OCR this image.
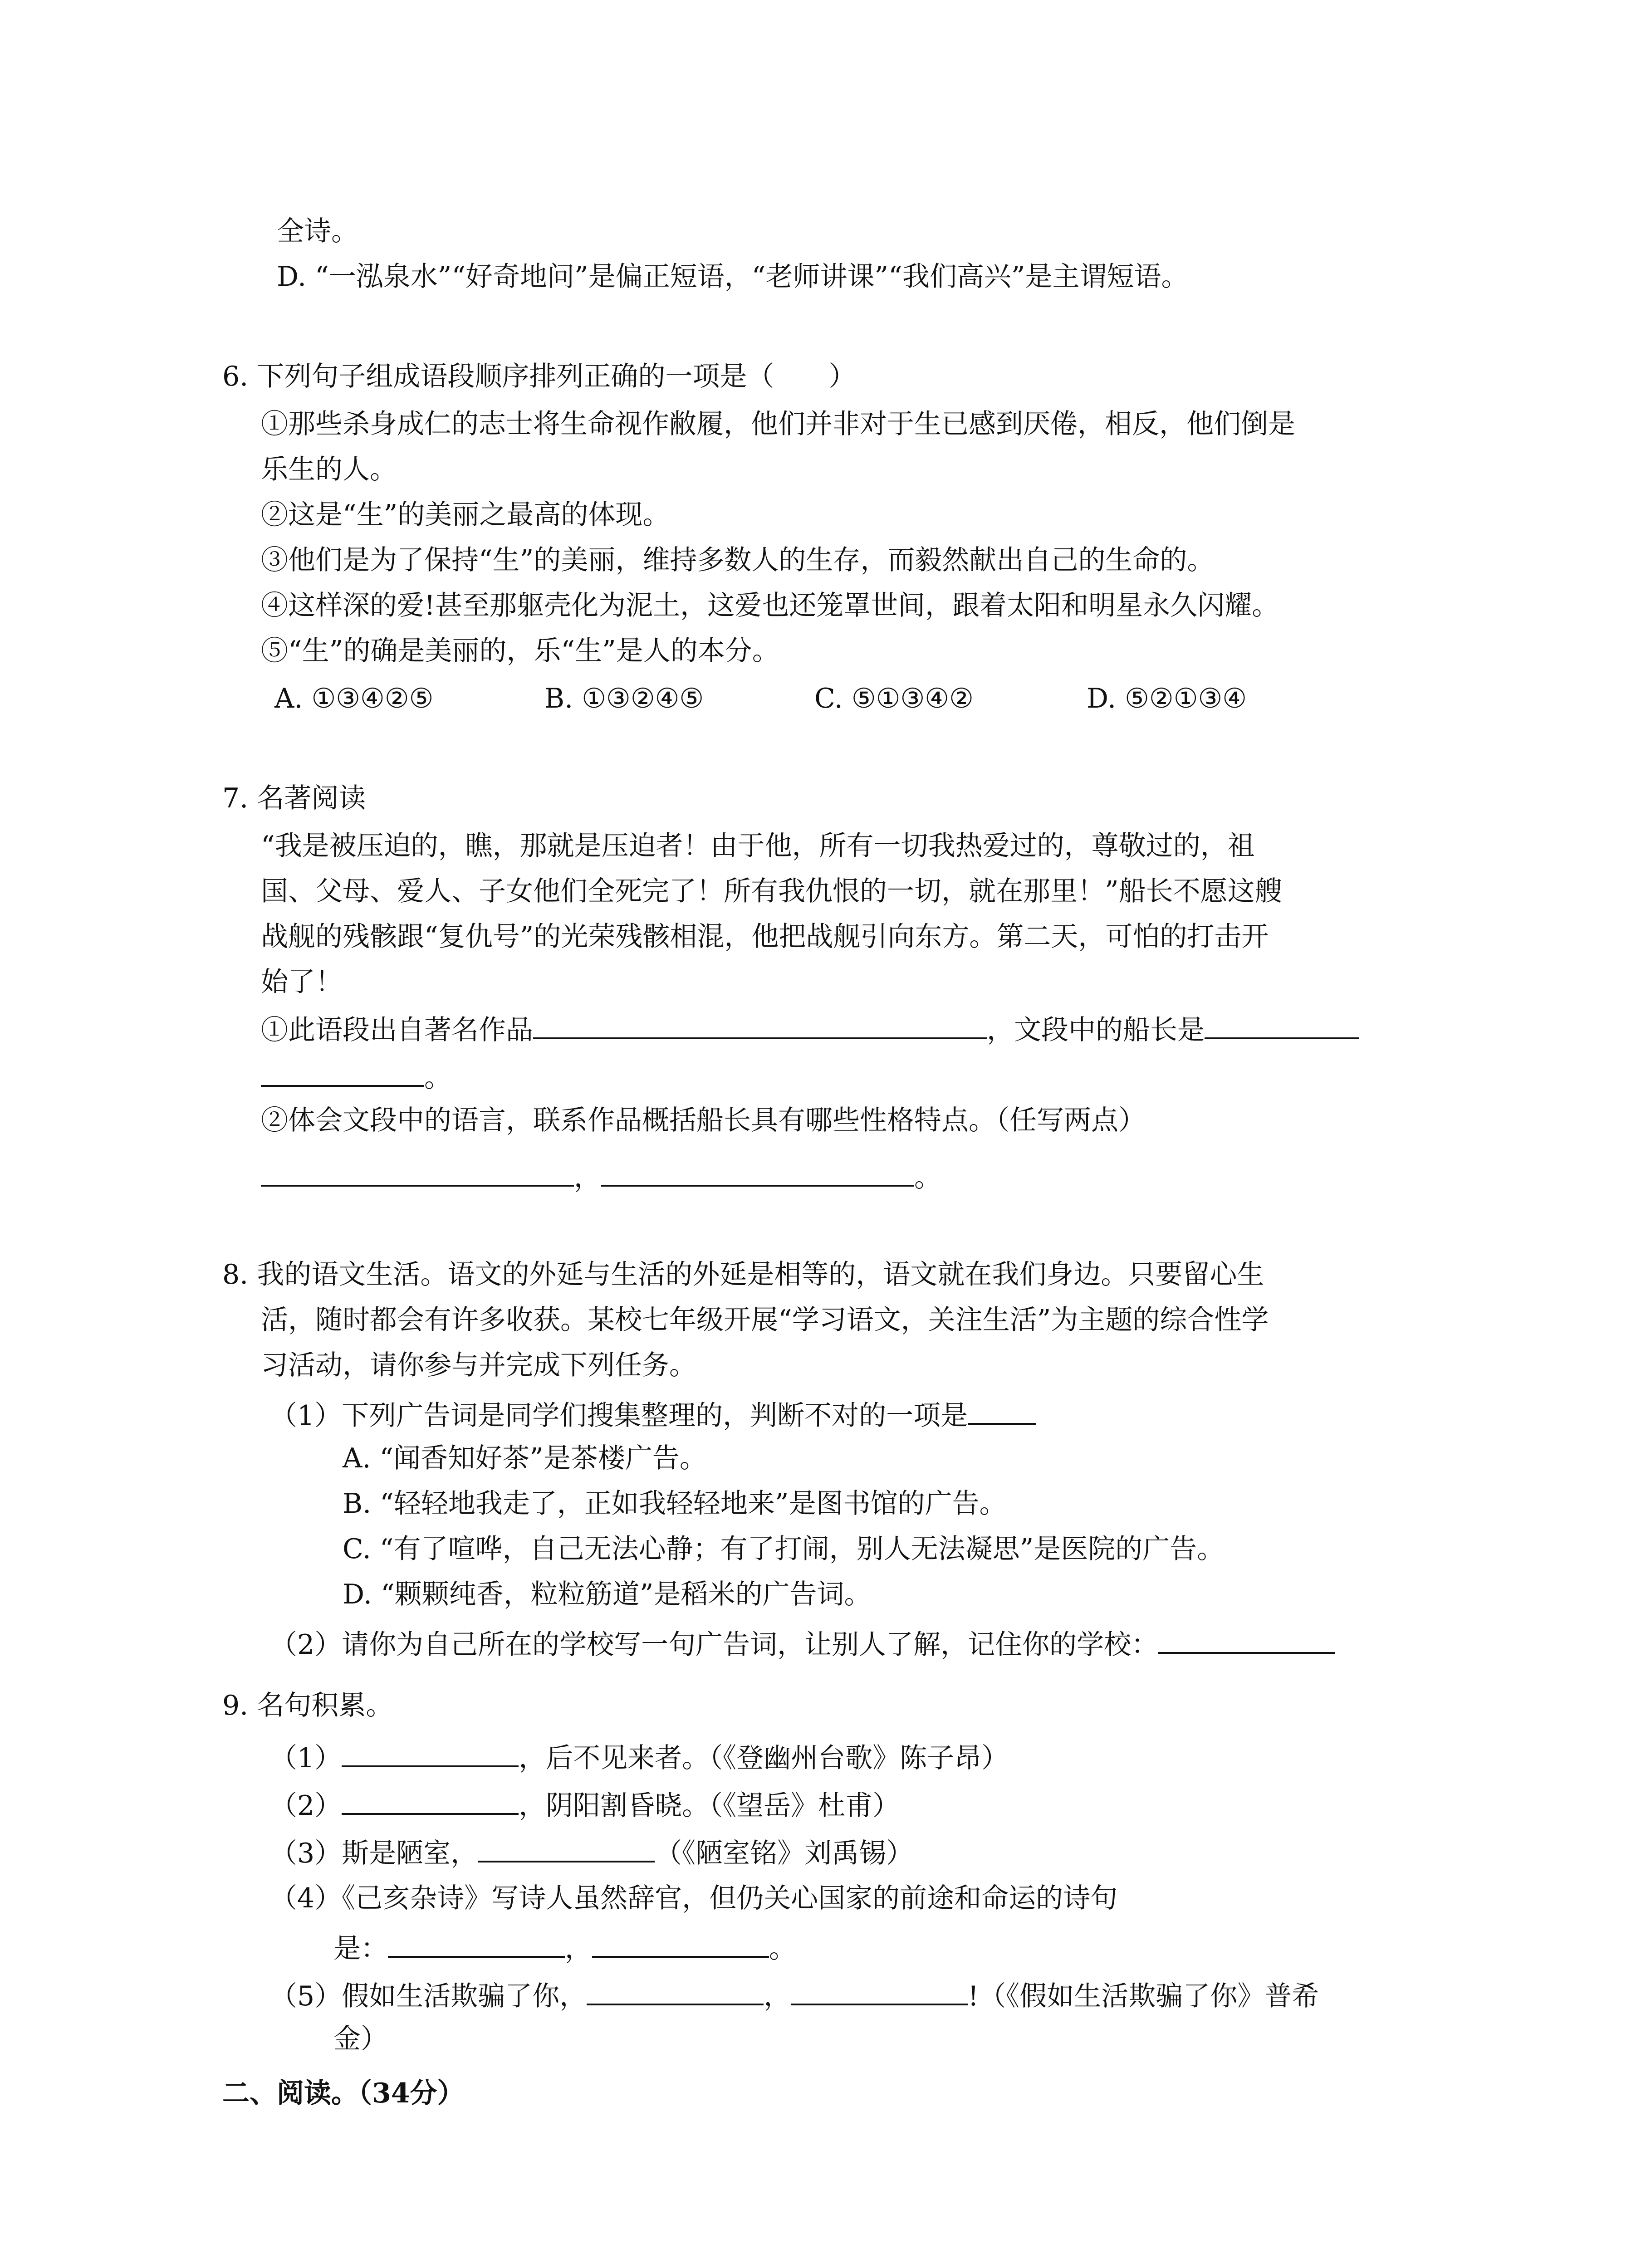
全诗。
D. “一泓泉水”“好奇地问”是偏正短语，“老师讲课”“我们高兴”是主谓短语。
6. 下列句子组成语段顺序排列正确的一项是（　　）
①那些杀身成仁的志士将生命视作敝履，他们并非对于生已感到厌倦，相反，他们倒是
乐生的人。
②这是“生”的美丽之最高的体现。
③他们是为了保持“生”的美丽，维持多数人的生存，而毅然献出自己的生命的。
④这样深的爱!甚至那躯壳化为泥土，这爱也还笼罩世间，跟着太阳和明星永久闪耀。
⑤“生”的确是美丽的，乐“生”是人的本分。
A. ①③④②⑤	B. ①③②④⑤	C. ⑤①③④②	D. ⑤②①③④
7. 名著阅读
“我是被压迫的，瞧，那就是压迫者！由于他，所有一切我热爱过的，尊敬过的，祖
国、父母、爱人、子女他们全死完了！所有我仇恨的一切，就在那里！”船长不愿这艘
战舰的残骸跟“复仇号”的光荣残骸相混，他把战舰引向东方。第二天，可怕的打击开
始了！
①此语段出自著名作品	，文段中的船长是
。
②体会文段中的语言，联系作品概括船长具有哪些性格特点。（任写两点）
，	。
8. 我的语文生活。语文的外延与生活的外延是相等的，语文就在我们身边。只要留心生
活，随时都会有许多收获。某校七年级开展“学习语文，关注生活”为主题的综合性学
习活动，请你参与并完成下列任务。
（1）下列广告词是同学们搜集整理的，判断不对的一项是
A. “闻香知好茶”是茶楼广告。
B. “轻轻地我走了，正如我轻轻地来”是图书馆的广告。
C. “有了喧哗，自己无法心静；有了打闹，别人无法凝思”是医院的广告。
D. “颗颗纯香，粒粒筋道”是稻米的广告词。
（2）请你为自己所在的学校写一句广告词，让别人了解，记住你的学校：
9. 名句积累。
（1）	，后不见来者。（《登幽州台歌》陈子昂）
（2）	，阴阳割昏晓。（《望岳》杜甫）
（3）斯是陋室，	（《陋室铭》刘禹锡）
（4）《己亥杂诗》写诗人虽然辞官，但仍关心国家的前途和命运的诗句
是：	，	。
（5）假如生活欺骗了你，	，	!（《假如生活欺骗了你》普希
金）
二、阅读。（34分）
